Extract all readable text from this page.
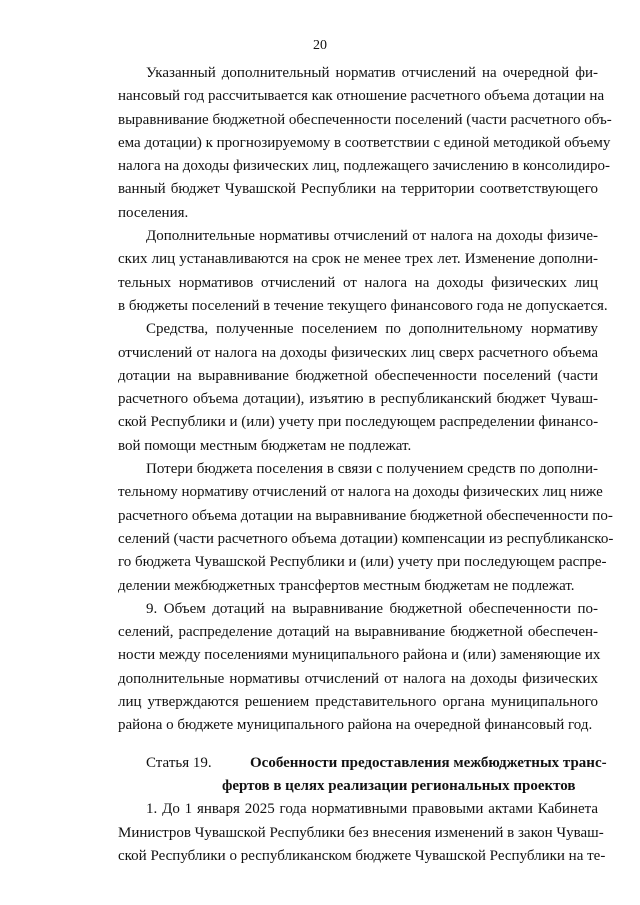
20
Указанный дополнительный норматив отчислений на очередной фи-
нансовый год рассчитывается как отношение расчетного объема дотации на
выравнивание бюджетной обеспеченности поселений (части расчетного объ-
ема дотации) к прогнозируемому в соответствии с единой методикой объему
налога на доходы физических лиц, подлежащего зачислению в консолидиро-
ванный бюджет Чувашской Республики на территории соответствующего
поселения.
Дополнительные нормативы отчислений от налога на доходы физиче-
ских лиц устанавливаются на срок не менее трех лет. Изменение дополни-
тельных нормативов отчислений от налога на доходы физических лиц
в бюджеты поселений в течение текущего финансового года не допускается.
Средства, полученные поселением по дополнительному нормативу
отчислений от налога на доходы физических лиц сверх расчетного объема
дотации на выравнивание бюджетной обеспеченности поселений (части
расчетного объема дотации), изъятию в республиканский бюджет Чуваш-
ской Республики и (или) учету при последующем распределении финансо-
вой помощи местным бюджетам не подлежат.
Потери бюджета поселения в связи с получением средств по дополни-
тельному нормативу отчислений от налога на доходы физических лиц ниже
расчетного объема дотации на выравнивание бюджетной обеспеченности по-
селений (части расчетного объема дотации) компенсации из республиканско-
го бюджета Чувашской Республики и (или) учету при последующем распре-
делении межбюджетных трансфертов местным бюджетам не подлежат.
9. Объем дотаций на выравнивание бюджетной обеспеченности по-
селений, распределение дотаций на выравнивание бюджетной обеспечен-
ности между поселениями муниципального района и (или) заменяющие их
дополнительные нормативы отчислений от налога на доходы физических
лиц утверждаются решением представительного органа муниципального
района о бюджете муниципального района на очередной финансовый год.
Статья 19.	Особенности предоставления межбюджетных транс-
фертов в целях реализации региональных проектов
1. До 1 января 2025 года нормативными правовыми актами Кабинета
Министров Чувашской Республики без внесения изменений в закон Чуваш-
ской Республики о республиканском бюджете Чувашской Республики на те-
